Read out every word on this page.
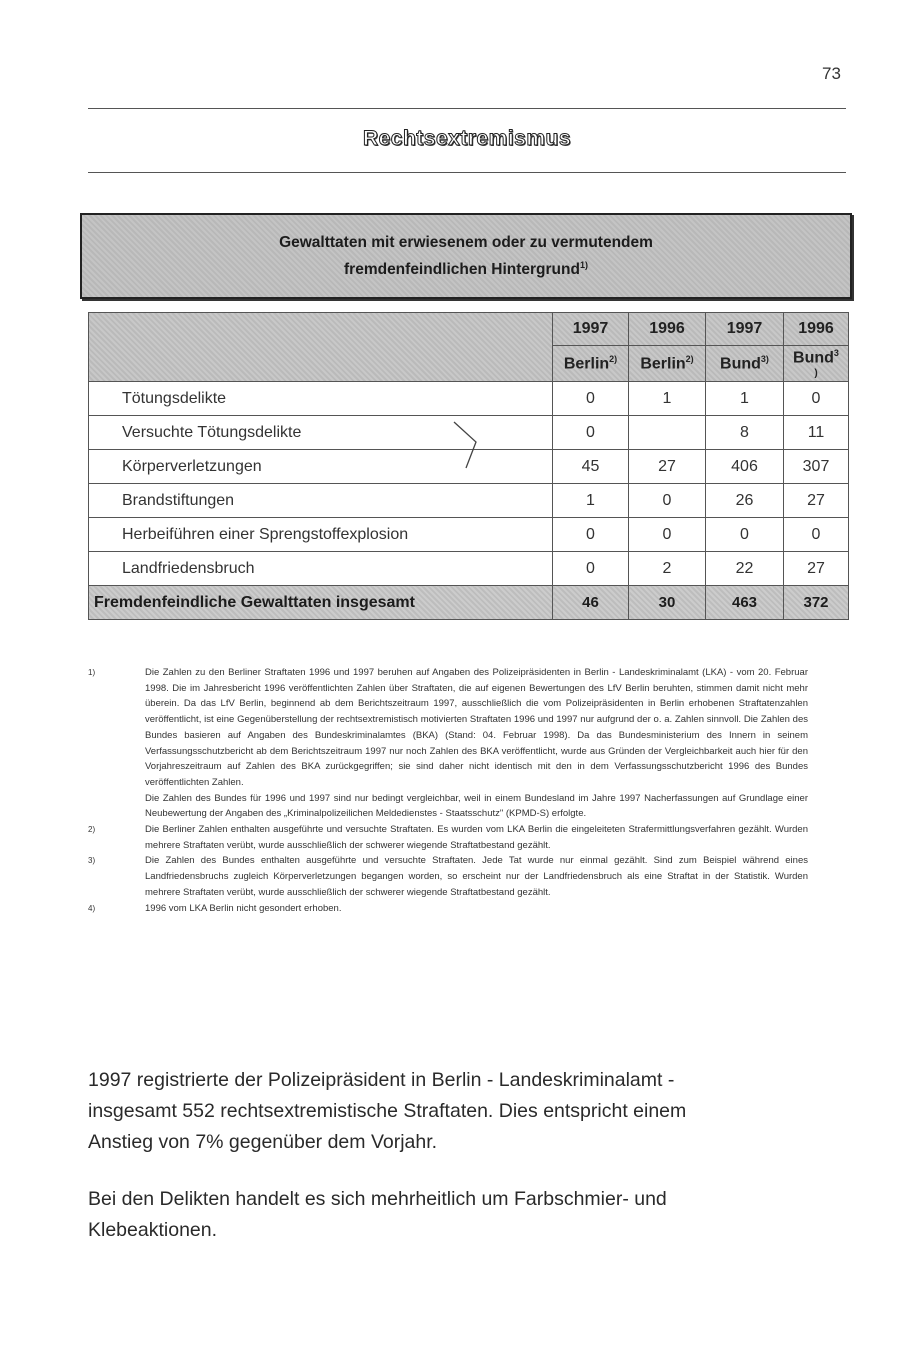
73
Rechtsextremismus
Gewalttaten mit erwiesenem oder zu vermutendem
fremdenfeindlichen Hintergrund$^{1)}$
	1997	1996	1997	1996
	Berlin$^{2)}$	Berlin$^{2)}$	Bund$^{3)}$	Bund$^3$
)
Tötungsdelikte	0	1	1	0
Versuchte Tötungsdelikte	0		8	11
Körperverletzungen	45	27	406	307
Brandstiftungen	1	0	26	27
Herbeiführen einer Sprengstoffexplosion	0	0	0	0
Landfriedensbruch	0	2	22	27
Fremdenfeindliche Gewalttaten insgesamt	46	30	463	372
1)	Die Zahlen zu den Berliner Straftaten 1996 und 1997 beruhen auf Angaben des Polizeipräsidenten in Berlin - Landeskriminalamt (LKA) - vom 20. Februar 1998. Die im Jahresbericht 1996 veröffentlichten Zahlen über Straftaten, die auf eigenen Bewertungen des LfV Berlin beruhten, stimmen damit nicht mehr überein. Da das LfV Berlin, beginnend ab dem Berichtszeitraum 1997, ausschließlich die vom Polizeipräsidenten in Berlin erhobenen Straftatenzahlen veröffentlicht, ist eine Gegenüberstellung der rechtsextremistisch motivierten Straftaten 1996 und 1997 nur aufgrund der o. a. Zahlen sinnvoll. Die Zahlen des Bundes basieren auf Angaben des Bundeskriminalamtes (BKA) (Stand: 04. Februar 1998). Da das Bundesministerium des Innern in seinem Verfassungsschutzbericht ab dem Berichtszeitraum 1997 nur noch Zahlen des BKA veröffentlicht, wurde aus Gründen der Vergleichbarkeit auch hier für den Vorjahreszeitraum auf Zahlen des BKA zurückgegriffen; sie sind daher nicht identisch mit den in dem Verfassungsschutzbericht 1996 des Bundes veröffentlichten Zahlen.
Die Zahlen des Bundes für 1996 und 1997 sind nur bedingt vergleichbar, weil in einem Bundesland im Jahre 1997 Nacherfassungen auf Grundlage einer Neubewertung der Angaben des „Kriminalpolizeilichen Meldedienstes - Staatsschutz" (KPMD-S) erfolgte.
2)	Die Berliner Zahlen enthalten ausgeführte und versuchte Straftaten. Es wurden vom LKA Berlin die eingeleiteten Strafermittlungsverfahren gezählt. Wurden mehrere Straftaten verübt, wurde ausschließlich der schwerer wiegende Straftatbestand gezählt.
3)	Die Zahlen des Bundes enthalten ausgeführte und versuchte Straftaten. Jede Tat wurde nur einmal gezählt. Sind zum Beispiel während eines Landfriedensbruchs zugleich Körperverletzungen begangen worden, so erscheint nur der Landfriedensbruch als eine Straftat in der Statistik. Wurden mehrere Straftaten verübt, wurde ausschließlich der schwerer wiegende Straftatbestand gezählt.
4)	1996 vom LKA Berlin nicht gesondert erhoben.
1997 registrierte der Polizeipräsident in Berlin - Landeskriminalamt - insgesamt 552 rechtsextremistische Straftaten. Dies entspricht einem Anstieg von 7% gegenüber dem Vorjahr.
Bei den Delikten handelt es sich mehrheitlich um Farbschmier- und Klebeaktionen.
